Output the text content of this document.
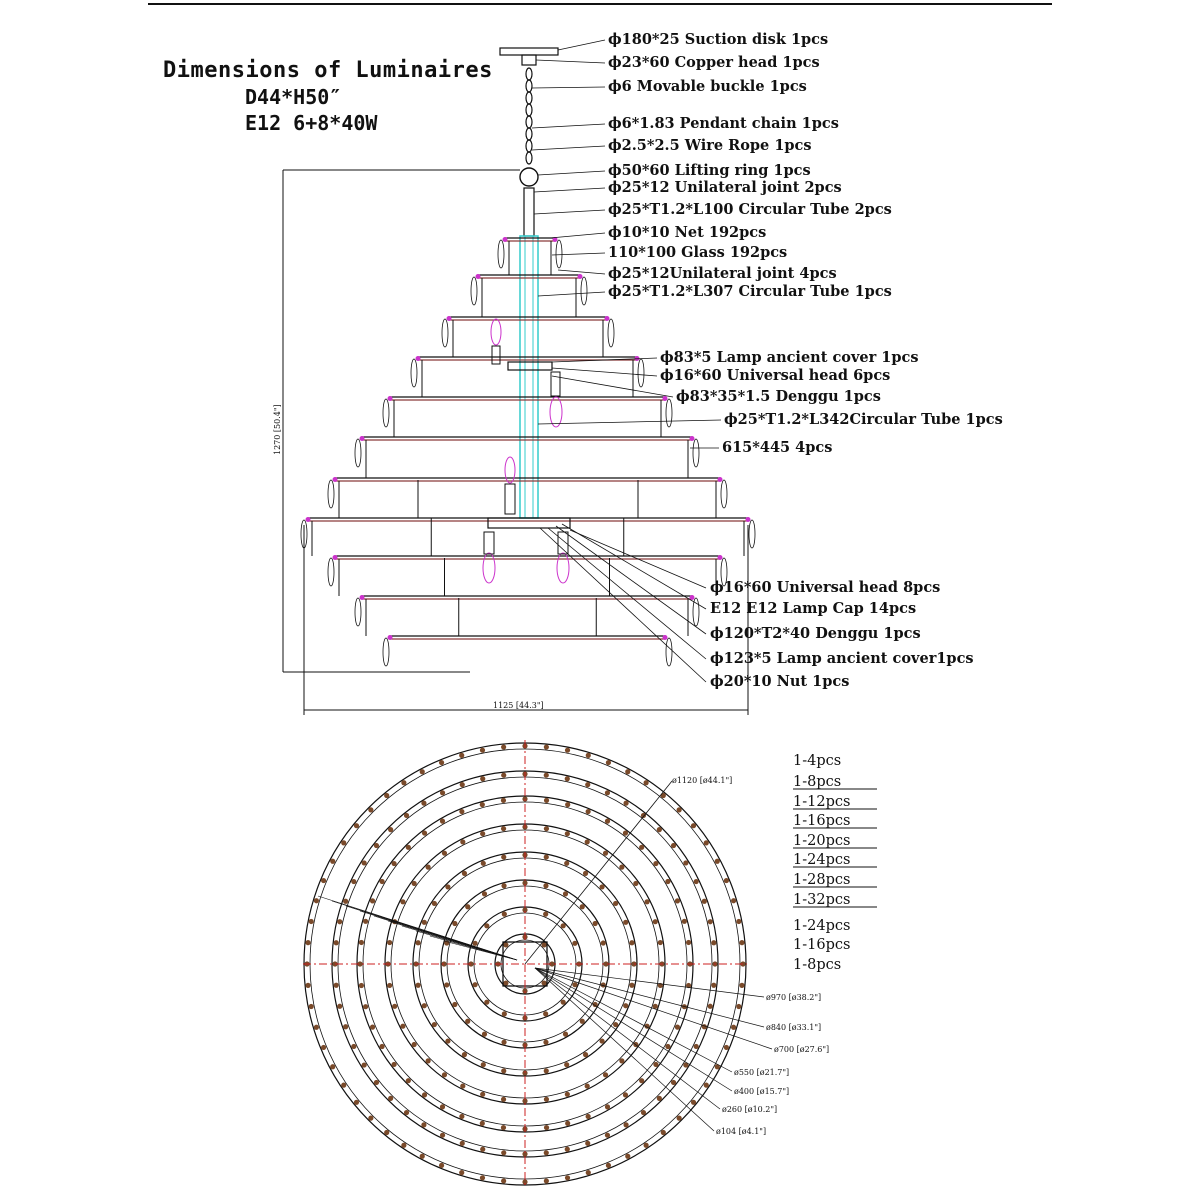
Dimensions of Luminaires
D44*H50″
E12 6+8*40W
1270 [50.4"]
1125 [44.3"]
ϕ180*25 Suction disk 1pcs
ϕ23*60 Copper head 1pcs
ϕ6 Movable buckle 1pcs
ϕ6*1.83 Pendant chain 1pcs
ϕ2.5*2.5 Wire Rope 1pcs
ϕ50*60 Lifting ring 1pcs
ϕ25*12 Unilateral joint 2pcs
ϕ25*T1.2*L100 Circular Tube 2pcs
ϕ10*10 Net 192pcs
110*100 Glass 192pcs
ϕ25*12Unilateral joint 4pcs
ϕ25*T1.2*L307 Circular Tube 1pcs
ϕ83*5 Lamp ancient cover 1pcs
ϕ16*60 Universal head 6pcs
ϕ83*35*1.5 Denggu 1pcs
ϕ25*T1.2*L342Circular Tube 1pcs
615*445 4pcs
ϕ16*60 Universal head 8pcs
E12 E12 Lamp Cap 14pcs
ϕ120*T2*40 Denggu 1pcs
ϕ123*5 Lamp ancient cover1pcs
ϕ20*10 Nut 1pcs
ø1120 [ø44.1"]
ø970 [ø38.2"]
ø840 [ø33.1"]
ø700 [ø27.6"]
ø550 [ø21.7"]
ø400 [ø15.7"]
ø260 [ø10.2"]
ø104 [ø4.1"]
1-4pcs
1-8pcs
1-12pcs
1-16pcs
1-20pcs
1-24pcs
1-28pcs
1-32pcs
1-24pcs
1-16pcs
1-8pcs
